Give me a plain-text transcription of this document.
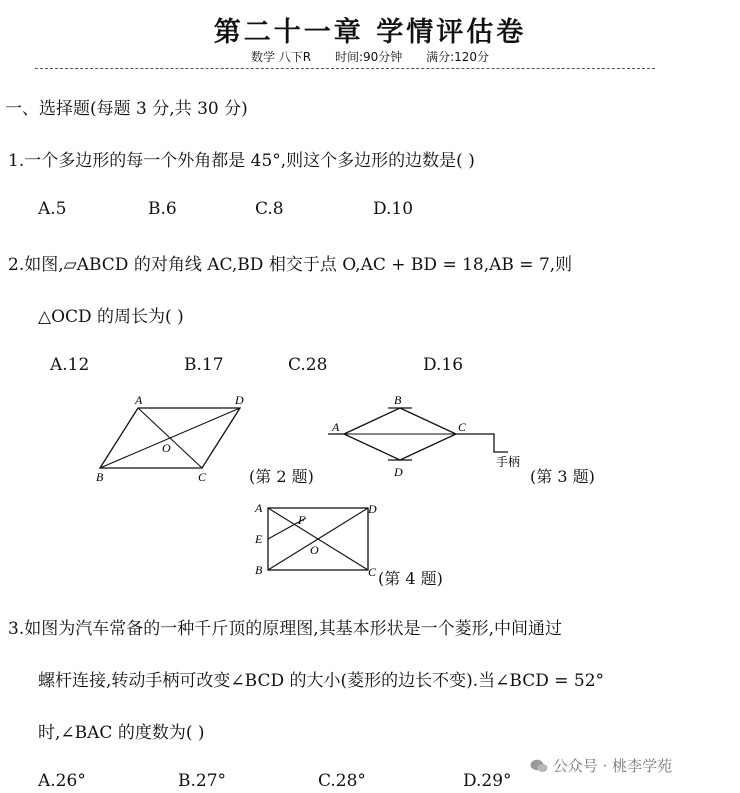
第二十一章 学情评估卷
数学 八下R 时间:90分钟 满分:120分
一、选择题(每题 3 分,共 30 分)
1.一个多边形的每一个外角都是 45°,则这个多边形的边数是( )
A.5	B.6	C.8	D.10
2.如图,▱ABCD 的对角线 AC,BD 相交于点 O,AC + BD = 18,AB = 7,则
△OCD 的周长为( )
A.12	B.17	C.28	D.16
A	D
O
B	C	(第 2 题)
A
B
C
D
手柄
(第 3 题)
A
F
D
E
O
B	C (第 4 题)
3.如图为汽车常备的一种千斤顶的原理图,其基本形状是一个菱形,中间通过
螺杆连接,转动手柄可改变∠BCD 的大小(菱形的边长不变).当∠BCD = 52°
时,∠BAC 的度数为( )
A.26°	B.27°	C.28°	D.29°
公众号 · 桃李学苑
